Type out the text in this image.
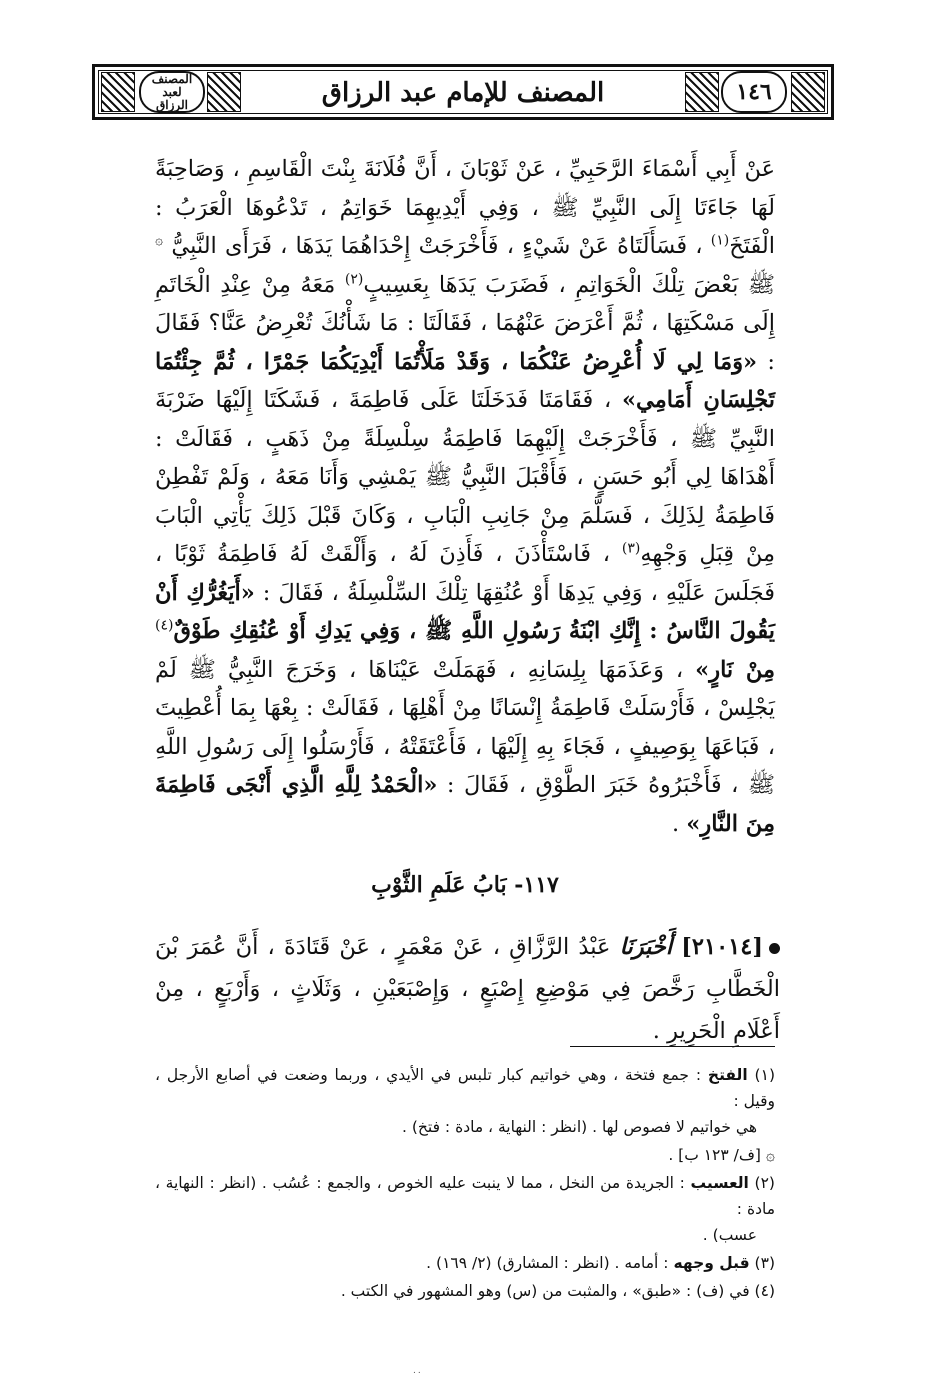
المصنف
لعبد الرزاق	١٤٦
المصنف للإمام عبد الرزاق

عَنْ أَبِي أَسْمَاءَ الرَّحَبِيِّ ، عَنْ ثَوْبَانَ ، أَنَّ فُلَانَةَ بِنْتَ الْقَاسِمِ ، وَصَاحِبَةً لَهَا جَاءَتَا إِلَى النَّبِيِّ ﷺ ، وَفِي أَيْدِيهِمَا خَوَاتِمُ ، تَدْعُوهَا الْعَرَبُ : الْفَتَخَ$^{(١)}$ ، فَسَأَلَتَاهُ عَنْ شَيْءٍ ، فَأَخْرَجَتْ إِحْدَاهُمَا يَدَهَا ، فَرَأَى النَّبِيُّ ۞ ﷺ بَعْضَ تِلْكَ الْخَوَاتِمِ ، فَضَرَبَ يَدَهَا بِعَسِيبٍ$^{(٢)}$ مَعَهُ مِنْ عِنْدِ الْخَاتَمِ إِلَى مَسْكَتِهَا ، ثُمَّ أَعْرَضَ عَنْهُمَا ، فَقَالَتَا : مَا شَأْنُكَ تُعْرِضُ عَنَّا؟ فَقَالَ : «وَمَا لِي لَا أُعْرِضُ عَنْكُمَا ، وَقَدْ مَلَأْتُمَا أَيْدِيَكُمَا جَمْرًا ، ثُمَّ جِئْتُمَا تَجْلِسَانِ أَمَامِي» ، فَقَامَتَا فَدَخَلَتَا عَلَى فَاطِمَةَ ، فَشَكَتَا إِلَيْهَا ضَرْبَةَ النَّبِيِّ ﷺ ، فَأَخْرَجَتْ إِلَيْهِمَا فَاطِمَةُ سِلْسِلَةً مِنْ ذَهَبٍ ، فَقَالَتْ : أَهْدَاهَا لِي أَبُو حَسَنٍ ، فَأَقْبَلَ النَّبِيُّ ﷺ يَمْشِي وَأَنَا مَعَهُ ، وَلَمْ تَفْطِنْ فَاطِمَةُ لِذَلِكَ ، فَسَلَّمَ مِنْ جَانِبِ الْبَابِ ، وَكَانَ قَبْلَ ذَلِكَ يَأْتِي الْبَابَ مِنْ قِبَلِ وَجْهِهِ$^{(٣)}$ ، فَاسْتَأْذَنَ ، فَأَذِنَ لَهُ ، وَأَلْقَتْ لَهُ فَاطِمَةُ ثَوْبًا ، فَجَلَسَ عَلَيْهِ ، وَفِي يَدِهَا أَوْ عُنُقِهَا تِلْكَ السِّلْسِلَةُ ، فَقَالَ : «أَيَغُرُّكِ أَنْ يَقُولَ النَّاسُ : إِنَّكِ ابْنَةُ رَسُولِ اللَّهِ ﷺ ، وَفِي يَدِكِ أَوْ عُنُقِكِ طَوْقٌ$^{(٤)}$ مِنْ نَارٍ» ، وَعَذَمَهَا بِلِسَانِهِ ، فَهَمَلَتْ عَيْنَاهَا ، وَخَرَجَ النَّبِيُّ ﷺ لَمْ يَجْلِسْ ، فَأَرْسَلَتْ فَاطِمَةُ إِنْسَانًا مِنْ أَهْلِهَا ، فَقَالَتْ : بِعْهَا بِمَا أُعْطِيتَ ، فَبَاعَهَا بِوَصِيفٍ ، فَجَاءَ بِهِ إِلَيْهَا ، فَأَعْتَقَتْهُ ، فَأَرْسَلُوا إِلَى رَسُولِ اللَّهِ ﷺ ، فَأَخْبَرُوهُ خَبَرَ الطَّوْقِ ، فَقَالَ : «الْحَمْدُ لِلَّهِ الَّذِي أَنْجَى فَاطِمَةَ مِنَ النَّارِ» .

١١٧- بَابُ عَلَمِ الثَّوْبِ
[٢١٠١٤] أَخْبَرَنَا عَبْدُ الرَّزَّاقِ ، عَنْ مَعْمَرٍ ، عَنْ قَتَادَةَ ، أَنَّ عُمَرَ بْنَ الْخَطَّابِ رَخَّصَ فِي مَوْضِعِ إِصْبَعٍ ، وَإِصْبَعَيْنِ ، وَثَلَاثٍ ، وَأَرْبَعٍ ، مِنْ أَعْلَامِ الْحَرِيرِ .
(١) الفتخ : جمع فتخة ، وهي خواتيم كبار تلبس في الأيدي ، وربما وضعت في أصابع الأرجل ، وقيل :
هي خواتيم لا فصوص لها . (انظر : النهاية ، مادة : فتخ) .
۞ [ف/ ١٢٣ ب] .
(٢) العسيب : الجريدة من النخل ، مما لا ينبت عليه الخوص ، والجمع : عُسُب . (انظر : النهاية ، مادة :
عسب) .
(٣) قبل وجهه : أمامه . (انظر : المشارق) (٢/ ١٦٩) .
(٤) في (ف) : «طبق» ، والمثبت من (س) وهو المشهور في الكتب .
٠٠
